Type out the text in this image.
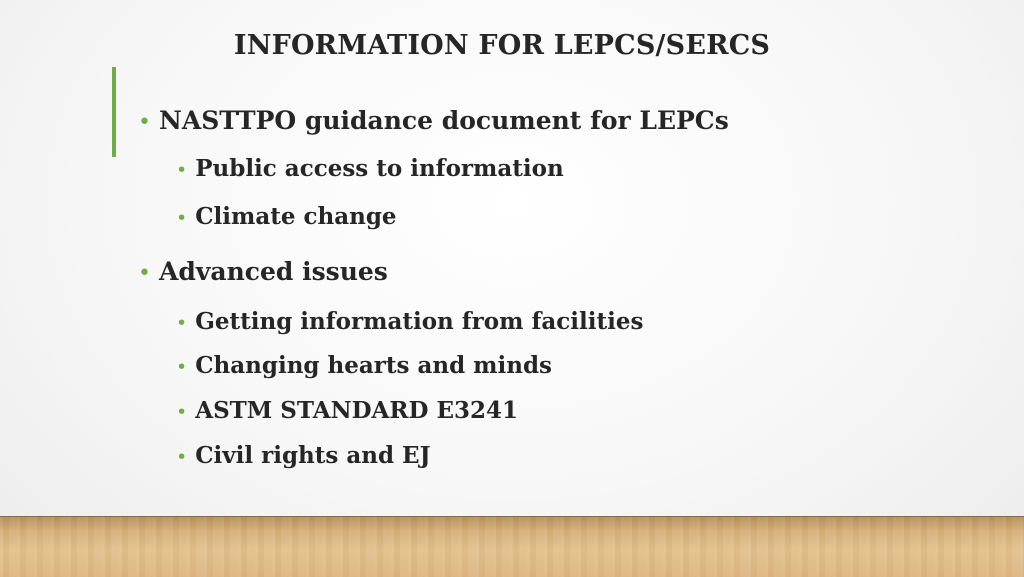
INFORMATION FOR LEPCS/SERCS
• NASTTPO guidance document for LEPCs
• Public access to information
• Climate change
• Advanced issues
• Getting information from facilities
• Changing hearts and minds
• ASTM STANDARD E3241
• Civil rights and EJ
